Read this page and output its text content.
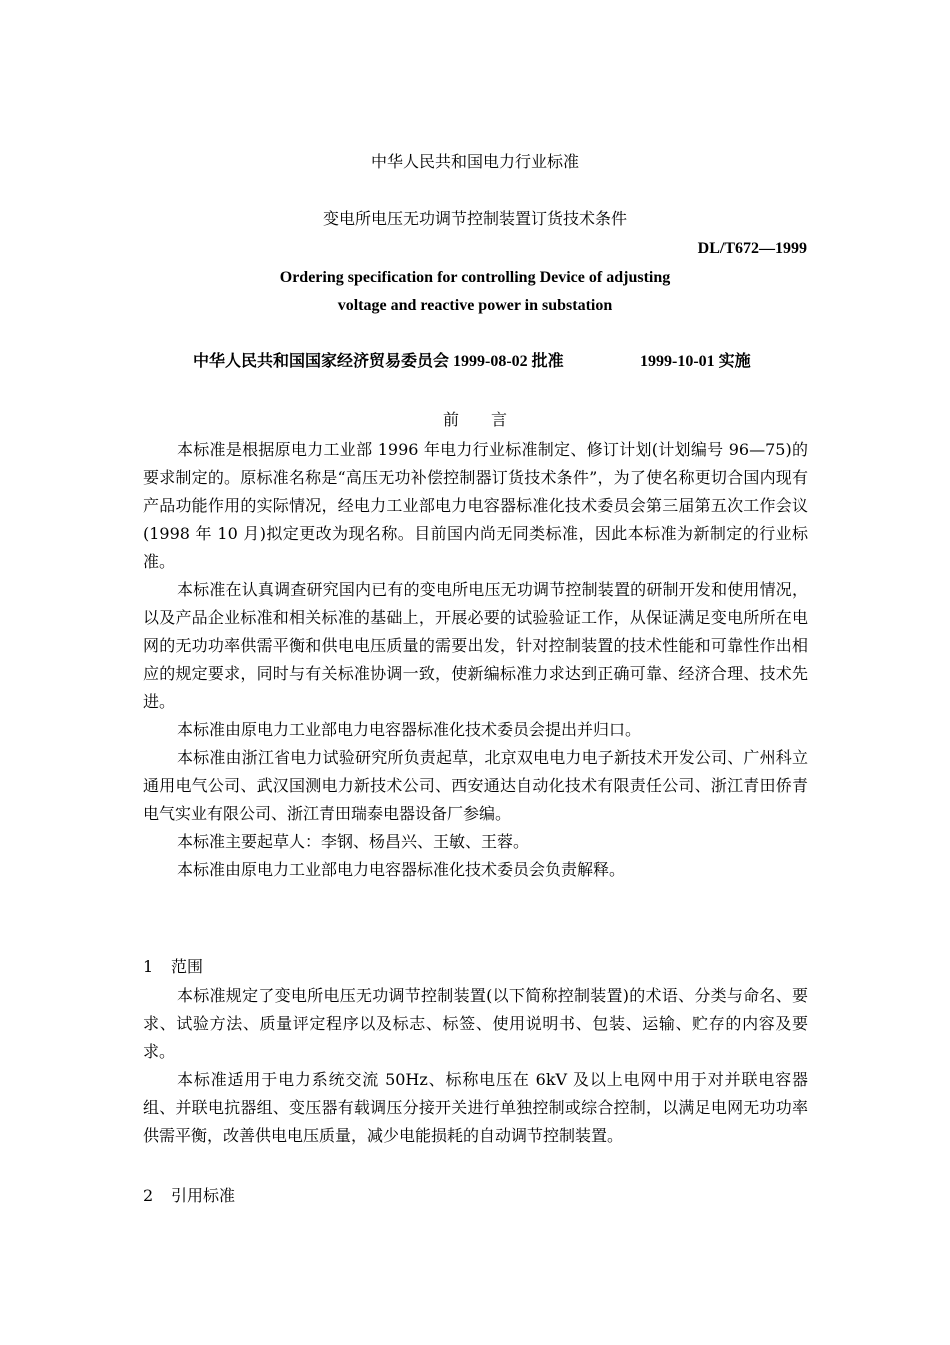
中华人民共和国电力行业标准
变电所电压无功调节控制装置订货技术条件
DL/T672—1999
Ordering specification for controlling Device of adjusting
voltage and reactive power in substation
中华人民共和国国家经济贸易委员会 1999-08-02 批准	1999-10-01 实施
前　　言

本标准是根据原电力工业部 1996 年电力行业标准制定、修订计划(计划编号 96—75)的要求制定的。原标准名称是“高压无功补偿控制器订货技术条件”，为了使名称更切合国内现有产品功能作用的实际情况，经电力工业部电力电容器标准化技术委员会第三届第五次工作会议(1998 年 10 月)拟定更改为现名称。目前国内尚无同类标准，因此本标准为新制定的行业标准。

本标准在认真调查研究国内已有的变电所电压无功调节控制装置的研制开发和使用情况，以及产品企业标准和相关标准的基础上，开展必要的试验验证工作，从保证满足变电所所在电网的无功功率供需平衡和供电电压质量的需要出发，针对控制装置的技术性能和可靠性作出相应的规定要求，同时与有关标准协调一致，使新编标准力求达到正确可靠、经济合理、技术先进。

本标准由原电力工业部电力电容器标准化技术委员会提出并归口。

本标准由浙江省电力试验研究所负责起草，北京双电电力电子新技术开发公司、广州科立通用电气公司、武汉国测电力新技术公司、西安通达自动化技术有限责任公司、浙江青田侨青电气实业有限公司、浙江青田瑞泰电器设备厂参编。

本标准主要起草人：李钢、杨昌兴、王敏、王蓉。

本标准由原电力工业部电力电容器标准化技术委员会负责解释。

1 范围

本标准规定了变电所电压无功调节控制装置(以下简称控制装置)的术语、分类与命名、要求、试验方法、质量评定程序以及标志、标签、使用说明书、包装、运输、贮存的内容及要求。

本标准适用于电力系统交流 50Hz、标称电压在 6kV 及以上电网中用于对并联电容器组、并联电抗器组、变压器有载调压分接开关进行单独控制或综合控制，以满足电网无功功率供需平衡，改善供电电压质量，减少电能损耗的自动调节控制装置。

2 引用标准
